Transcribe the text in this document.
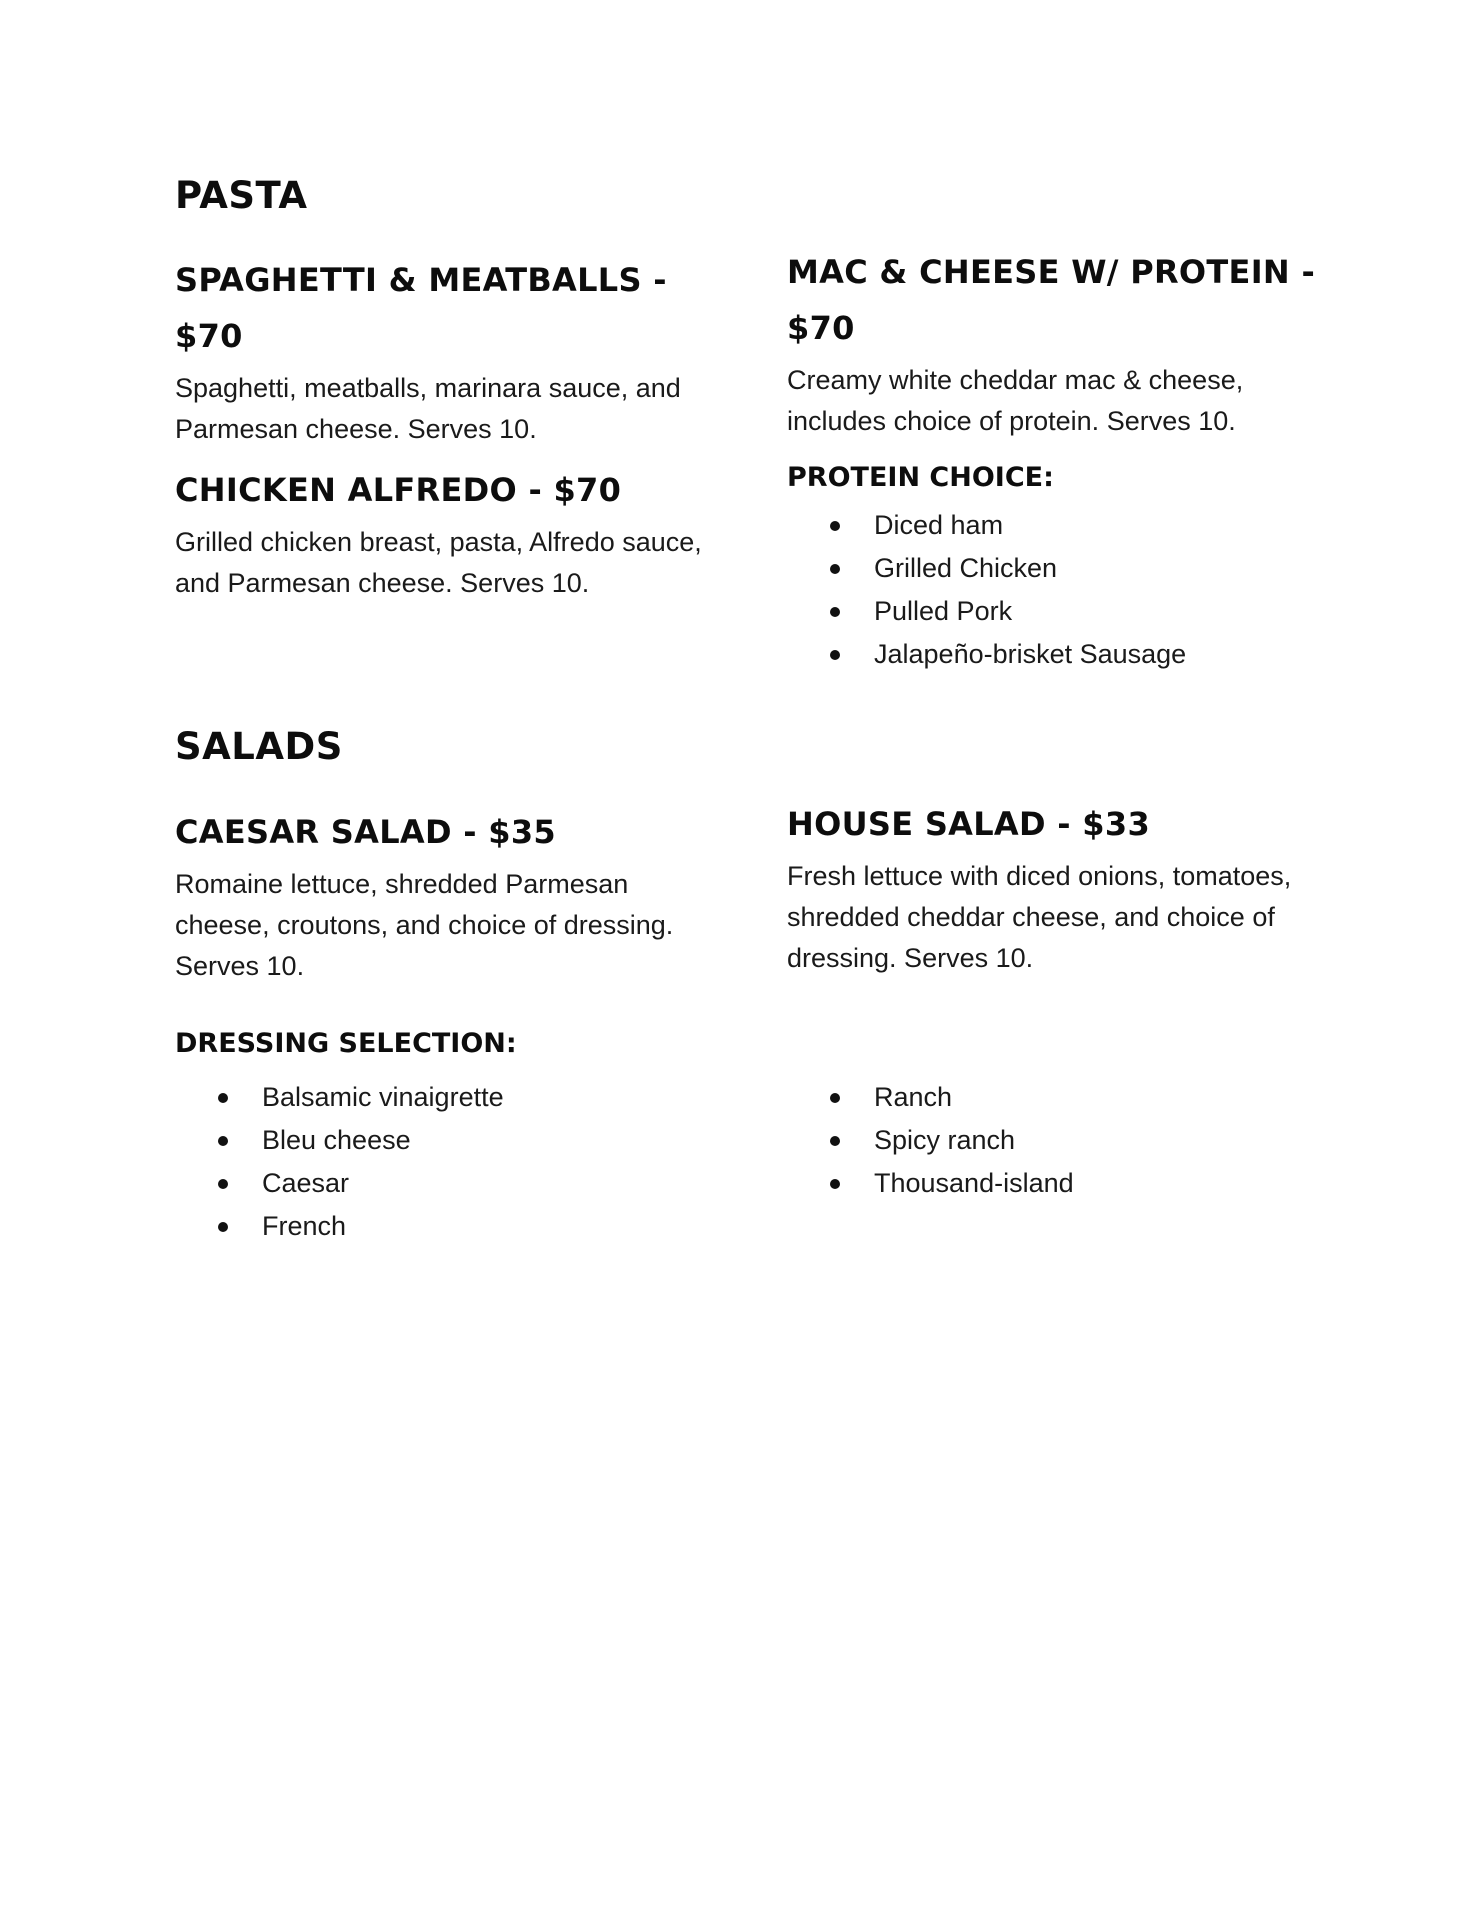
PASTA
SPAGHETTI & MEATBALLS - $70

Spaghetti, meatballs, marinara sauce, and Parmesan cheese. Serves 10.

CHICKEN ALFREDO - $70

Grilled chicken breast, pasta, Alfredo sauce, and Parmesan cheese. Serves 10.

MAC & CHEESE W/ PROTEIN -
$70

Creamy white cheddar mac & cheese, includes choice of protein. Serves 10.

PROTEIN CHOICE:
Diced ham
Grilled Chicken
Pulled Pork
Jalapeño-brisket Sausage
SALADS
CAESAR SALAD - $35

Romaine lettuce, shredded Parmesan cheese, croutons, and choice of dressing. Serves 10.

HOUSE SALAD - $33

Fresh lettuce with diced onions, tomatoes, shredded cheddar cheese, and choice of dressing. Serves 10.

DRESSING SELECTION:
Balsamic vinaigrette
Bleu cheese
Caesar
French
Ranch
Spicy ranch
Thousand-island
